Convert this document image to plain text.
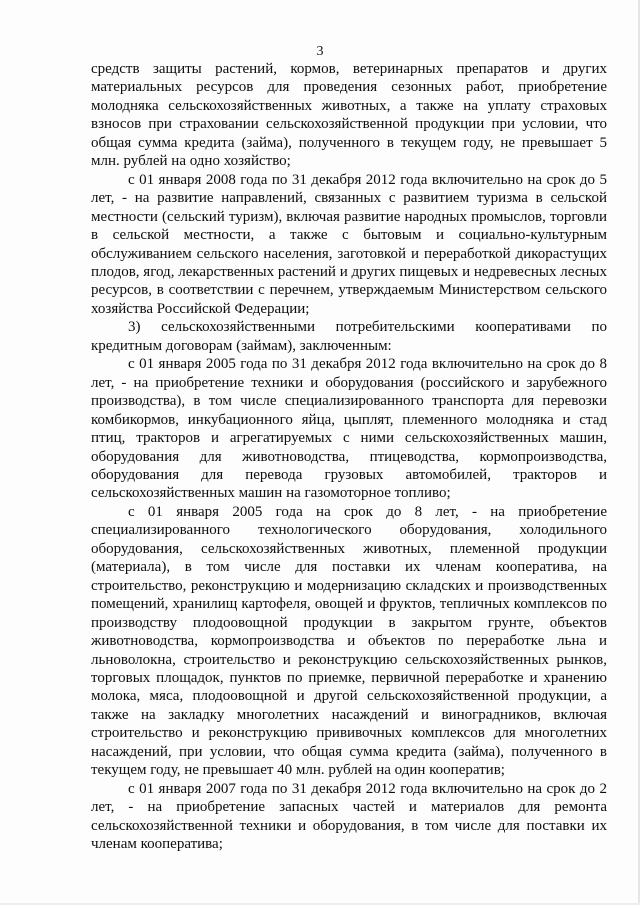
3

средств защиты растений, кормов, ветеринарных препаратов и других материальных ресурсов для проведения сезонных работ, приобретение молодняка сельскохозяйственных животных, а также на уплату страховых взносов при страховании сельскохозяйственной продукции при условии, что общая сумма кредита (займа), полученного в текущем году, не превышает 5 млн. рублей на одно хозяйство;

с 01 января 2008 года по 31 декабря 2012 года включительно на срок до 5 лет, - на развитие направлений, связанных с развитием туризма в сельской местности (сельский туризм), включая развитие народных промыслов, торговли в сельской местности, а также с бытовым и социально-культурным обслуживанием сельского населения, заготовкой и переработкой дикорастущих плодов, ягод, лекарственных растений и других пищевых и недревесных лесных ресурсов, в соответствии с перечнем, утверждаемым Министерством сельского хозяйства Российской Федерации;

3) сельскохозяйственными потребительскими кооперативами по кредитным договорам (займам), заключенным:

с 01 января 2005 года по 31 декабря 2012 года включительно на срок до 8 лет, - на приобретение техники и оборудования (российского и зарубежного производства), в том числе специализированного транспорта для перевозки комбикормов, инкубационного яйца, цыплят, племенного молодняка и стад птиц, тракторов и агрегатируемых с ними сельскохозяйственных машин, оборудования для животноводства, птицеводства, кормопроизводства, оборудования для перевода грузовых автомобилей, тракторов и сельскохозяйственных машин на газомоторное топливо;

с 01 января 2005 года на срок до 8 лет, - на приобретение специализированного технологического оборудования, холодильного оборудования, сельскохозяйственных животных, племенной продукции (материала), в том числе для поставки их членам кооператива, на строительство, реконструкцию и модернизацию складских и производственных помещений, хранилищ картофеля, овощей и фруктов, тепличных комплексов по производству плодоовощной продукции в закрытом грунте, объектов животноводства, кормопроизводства и объектов по переработке льна и льноволокна, строительство и реконструкцию сельскохозяйственных рынков, торговых площадок, пунктов по приемке, первичной переработке и хранению молока, мяса, плодоовощной и другой сельскохозяйственной продукции, а также на закладку многолетних насаждений и виноградников, включая строительство и реконструкцию прививочных комплексов для многолетних насаждений, при условии, что общая сумма кредита (займа), полученного в текущем году, не превышает 40 млн. рублей на один кооператив;

с 01 января 2007 года по 31 декабря 2012 года включительно на срок до 2 лет, - на приобретение запасных частей и материалов для ремонта сельскохозяйственной техники и оборудования, в том числе для поставки их членам кооператива;
